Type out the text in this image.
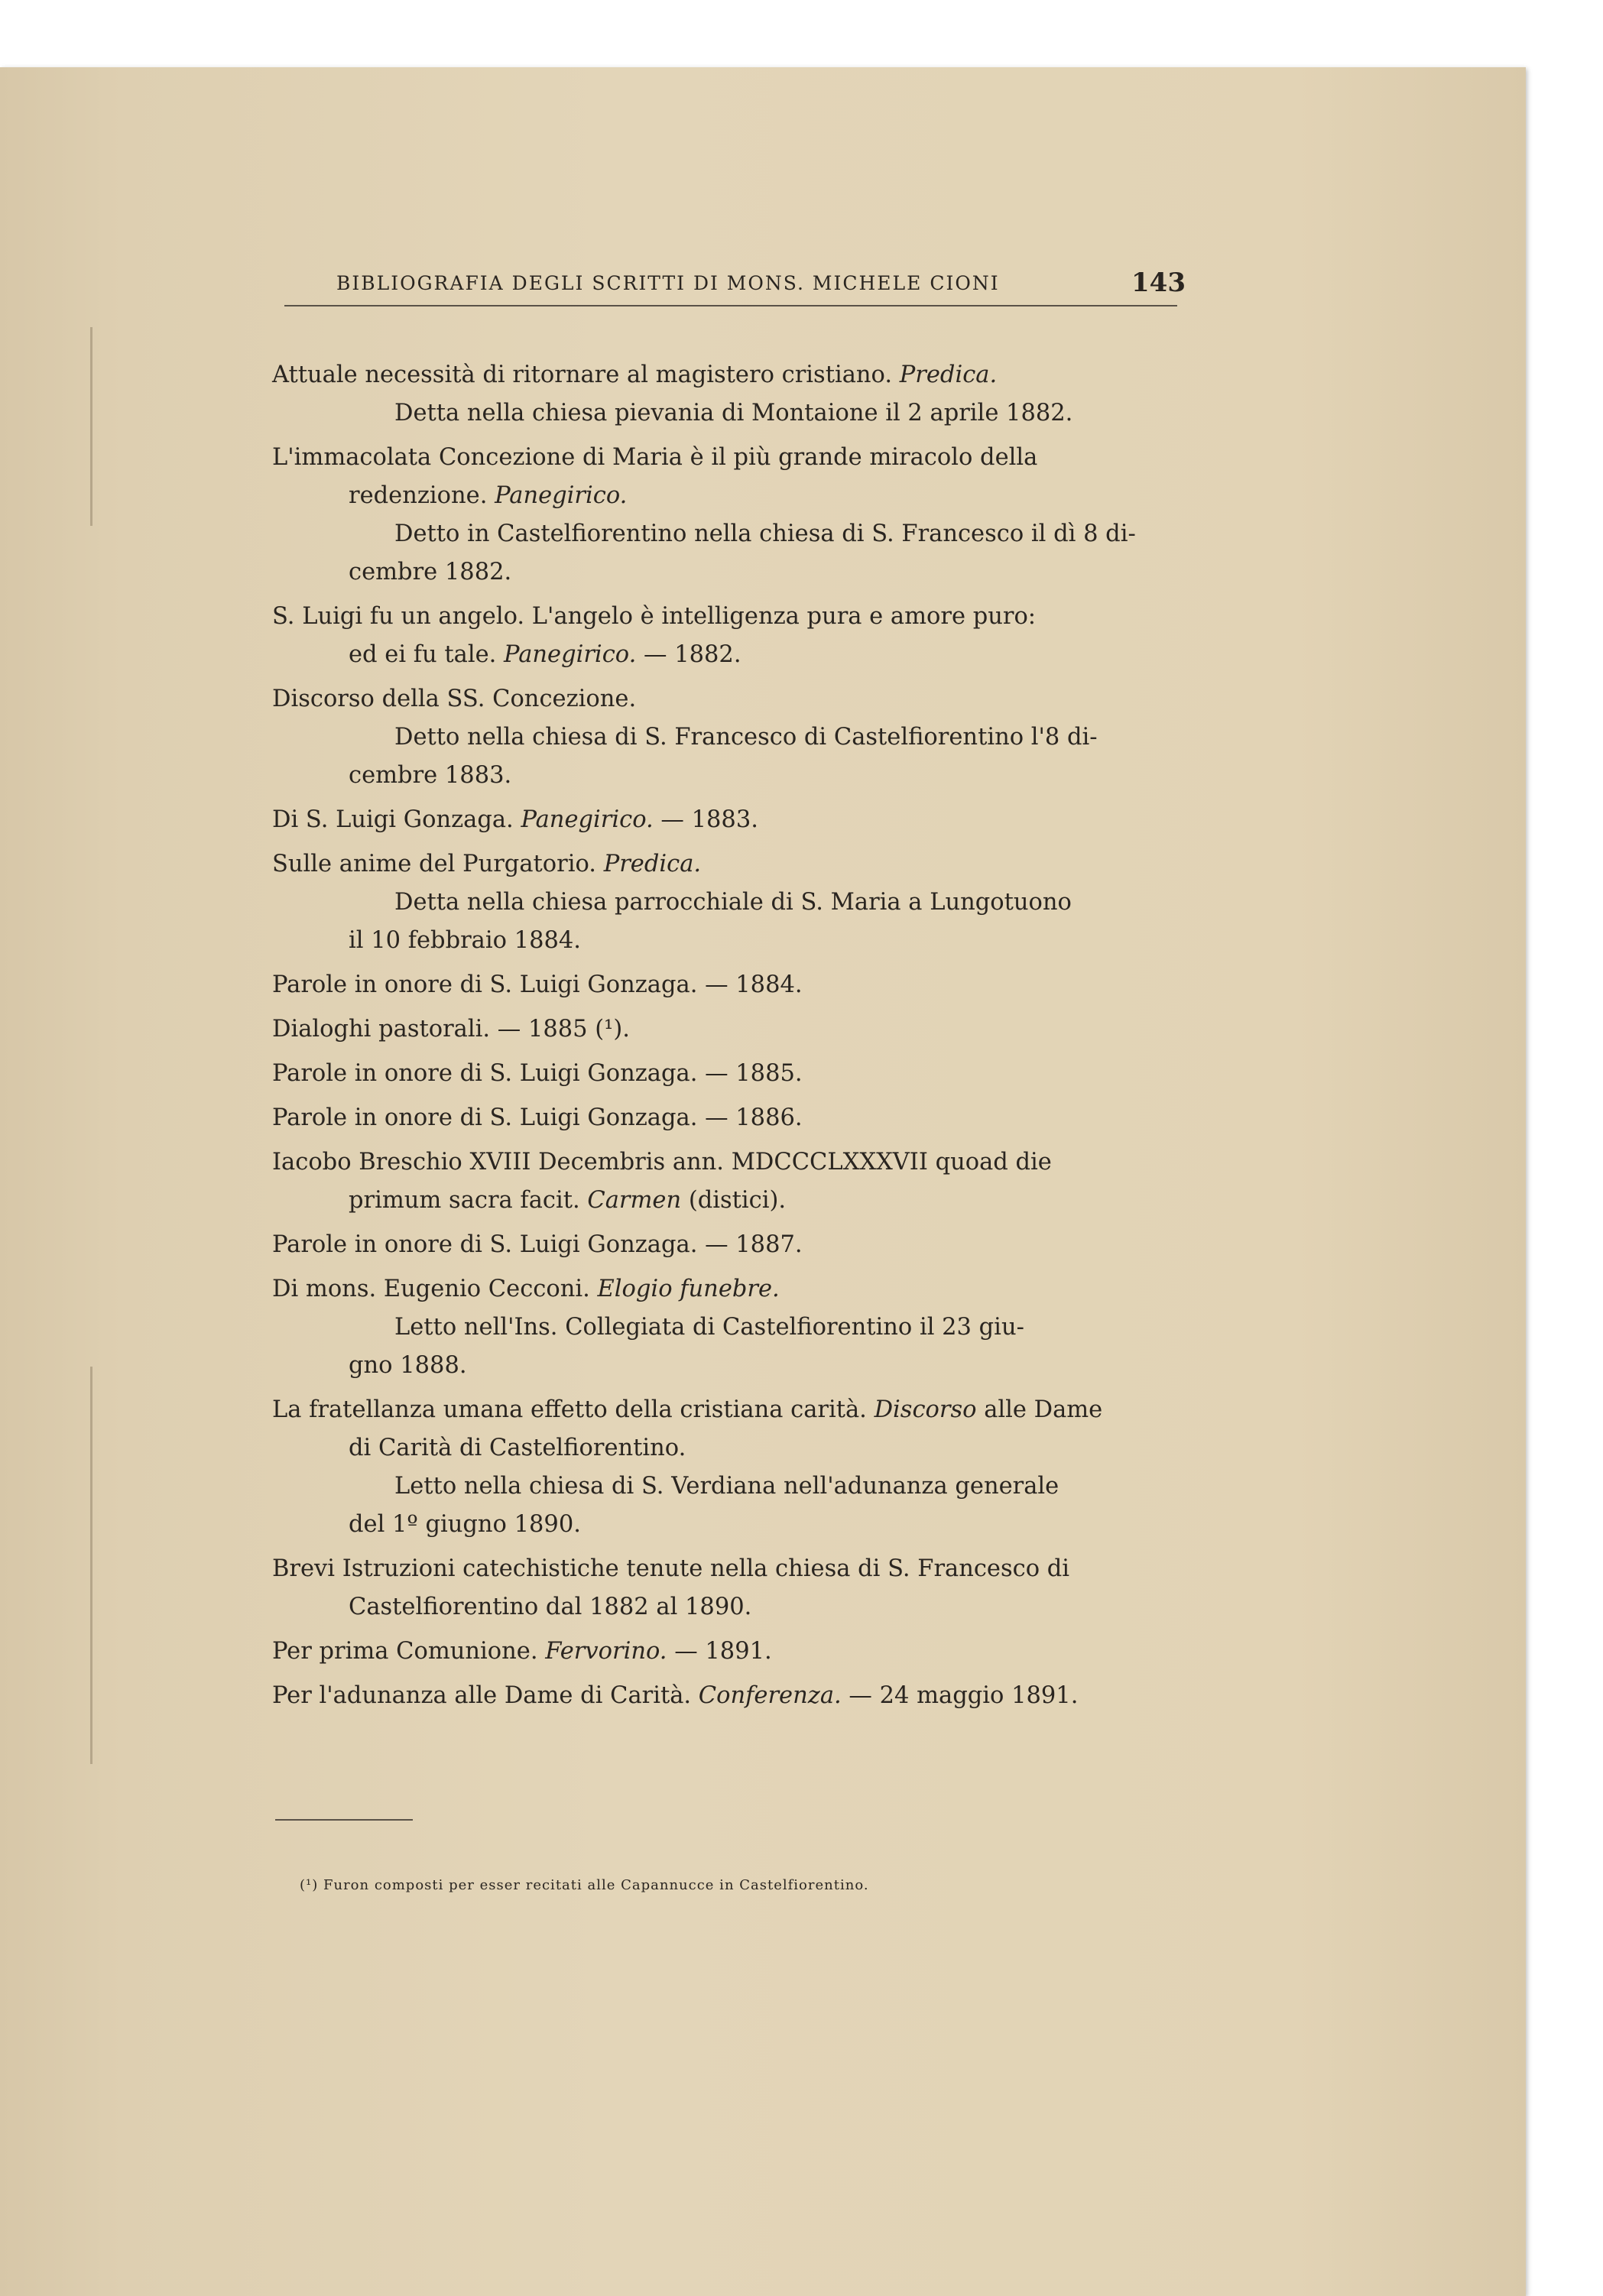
BIBLIOGRAFIA DEGLI SCRITTI DI MONS. MICHELE CIONI	143
Attuale necessità di ritornare al magistero cristiano. Predica.
Detta nella chiesa pievania di Montaione il 2 aprile 1882.
L'immacolata Concezione di Maria è il più grande miracolo della
redenzione. Panegirico.
Detto in Castelfiorentino nella chiesa di S. Francesco il dì 8 di-
cembre 1882.
S. Luigi fu un angelo. L'angelo è intelligenza pura e amore puro:
ed ei fu tale. Panegirico. — 1882.
Discorso della SS. Concezione.
Detto nella chiesa di S. Francesco di Castelfiorentino l'8 di-
cembre 1883.
Di S. Luigi Gonzaga. Panegirico. — 1883.
Sulle anime del Purgatorio. Predica.
Detta nella chiesa parrocchiale di S. Maria a Lungotuono
il 10 febbraio 1884.
Parole in onore di S. Luigi Gonzaga. — 1884.
Dialoghi pastorali. — 1885 (¹).
Parole in onore di S. Luigi Gonzaga. — 1885.
Parole in onore di S. Luigi Gonzaga. — 1886.
Iacobo Breschio XVIII Decembris ann. MDCCCLXXXVII quoad die
primum sacra facit. Carmen (distici).
Parole in onore di S. Luigi Gonzaga. — 1887.
Di mons. Eugenio Cecconi. Elogio funebre.
Letto nell'Ins. Collegiata di Castelfiorentino il 23 giu-
gno 1888.
La fratellanza umana effetto della cristiana carità. Discorso alle Dame
di Carità di Castelfiorentino.
Letto nella chiesa di S. Verdiana nell'adunanza generale
del 1º giugno 1890.
Brevi Istruzioni catechistiche tenute nella chiesa di S. Francesco di
Castelfiorentino dal 1882 al 1890.
Per prima Comunione. Fervorino. — 1891.
Per l'adunanza alle Dame di Carità. Conferenza. — 24 maggio 1891.
(¹) Furon composti per esser recitati alle Capannucce in Castelfiorentino.
